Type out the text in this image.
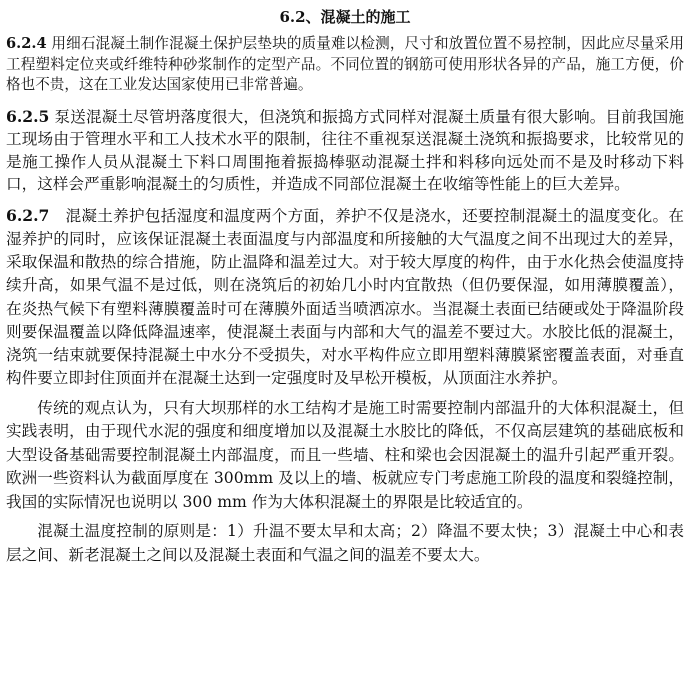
6.2、混凝土的施工

6.2.4 用细石混凝土制作混凝土保护层垫块的质量难以检测，尺寸和放置位置不易控制，因此应尽量采用工程塑料定位夹或纤维特种砂浆制作的定型产品。不同位置的钢筋可使用形状各异的产品，施工方便，价格也不贵，这在工业发达国家使用已非常普遍。

6.2.5 泵送混凝土尽管坍落度很大，但浇筑和振捣方式同样对混凝土质量有很大影响。目前我国施工现场由于管理水平和工人技术水平的限制，往往不重视泵送混凝土浇筑和振捣要求，比较常见的是施工操作人员从混凝土下料口周围拖着振捣棒驱动混凝土拌和料移向远处而不是及时移动下料口，这样会严重影响混凝土的匀质性，并造成不同部位混凝土在收缩等性能上的巨大差异。

6.2.7　混凝土养护包括湿度和温度两个方面，养护不仅是浇水，还要控制混凝土的温度变化。在湿养护的同时，应该保证混凝土表面温度与内部温度和所接触的大气温度之间不出现过大的差异，采取保温和散热的综合措施，防止温降和温差过大。对于较大厚度的构件，由于水化热会使温度持续升高，如果气温不是过低，则在浇筑后的初始几小时内宜散热（但仍要保湿，如用薄膜覆盖），在炎热气候下有塑料薄膜覆盖时可在薄膜外面适当喷洒凉水。当混凝土表面已结硬或处于降温阶段则要保温覆盖以降低降温速率，使混凝土表面与内部和大气的温差不要过大。水胶比低的混凝土，浇筑一结束就要保持混凝土中水分不受损失，对水平构件应立即用塑料薄膜紧密覆盖表面，对垂直构件要立即封住顶面并在混凝土达到一定强度时及早松开模板，从顶面注水养护。

传统的观点认为，只有大坝那样的水工结构才是施工时需要控制内部温升的大体积混凝土，但实践表明，由于现代水泥的强度和细度增加以及混凝土水胶比的降低，不仅高层建筑的基础底板和大型设备基础需要控制混凝土内部温度，而且一些墙、柱和梁也会因混凝土的温升引起严重开裂。欧洲一些资料认为截面厚度在 300mm 及以上的墙、板就应专门考虑施工阶段的温度和裂缝控制，我国的实际情况也说明以 300 mm 作为大体积混凝土的界限是比较适宜的。

混凝土温度控制的原则是：1）升温不要太早和太高；2）降温不要太快；3）混凝土中心和表层之间、新老混凝土之间以及混凝土表面和气温之间的温差不要太大。
